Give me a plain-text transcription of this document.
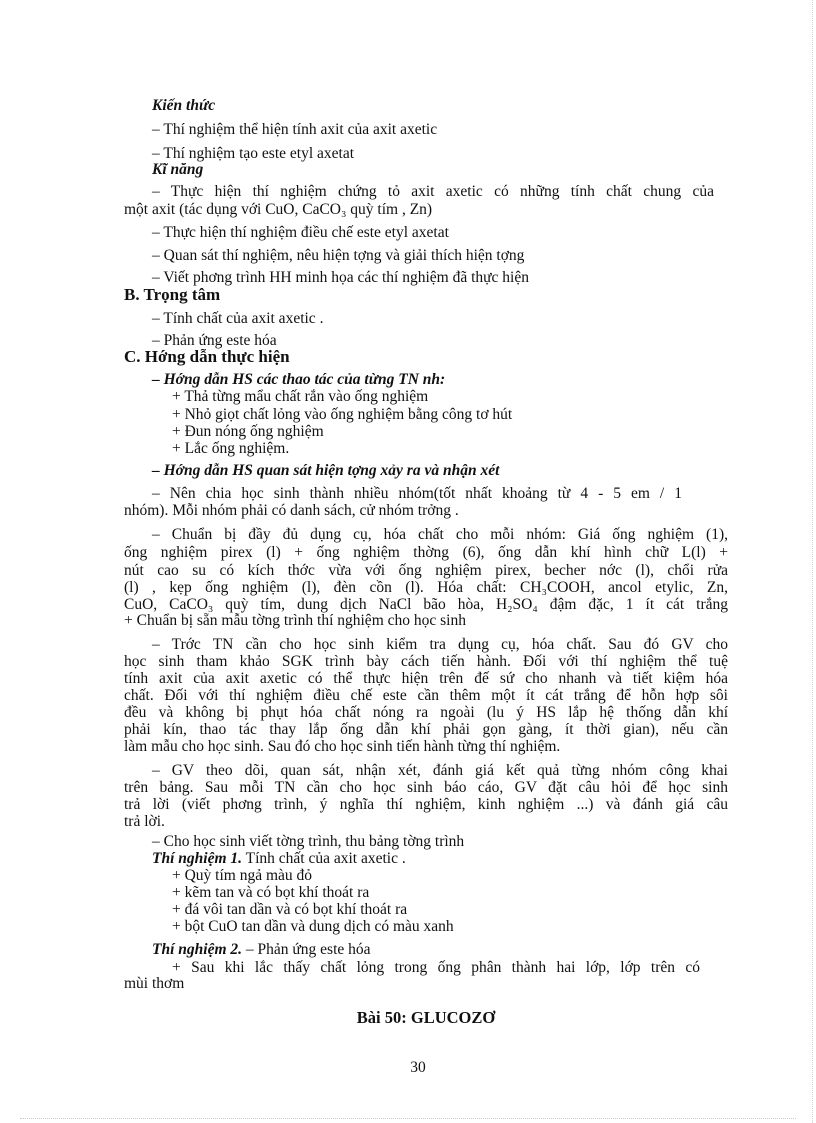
Kiến thức
– Thí nghiệm thể hiện tính axit của axit axetic
– Thí nghiệm tạo este etyl axetat
Kĩ năng
– Thực hiện thí nghiệm chứng tỏ axit axetic có những tính chất chung của
một axit (tác dụng với CuO, CaCO₃ quỳ tím , Zn)
– Thực hiện thí nghiệm điều chế este etyl axetat
– Quan sát thí nghiệm, nêu hiện tợng và giải thích hiện tợng
– Viết phơng trình HH minh họa các thí nghiệm đã thực hiện
B. Trọng tâm
– Tính chất của axit axetic .
– Phản ứng este hóa
C. Hớng dẫn thực hiện
– Hớng dẫn HS các thao tác của từng TN nh:
+ Thả từng mẩu chất rắn vào ống nghiệm
+ Nhỏ giọt chất lỏng vào ống nghiệm bằng công tơ hút
+ Đun nóng ống nghiệm
+ Lắc ống nghiệm.
– Hớng dẫn HS quan sát hiện tợng xảy ra và nhận xét
– Nên chia học sinh thành nhiều nhóm(tốt nhất khoảng từ 4 - 5 em / 1
nhóm). Mỗi nhóm phải có danh sách, cử nhóm trởng .
– Chuẩn bị đầy đủ dụng cụ, hóa chất cho mỗi nhóm: Giá ống nghiệm (1),
ống nghiệm pirex (l) + ống nghiệm thờng (6), ống dẫn khí hình chữ L(l) +
nút cao su có kích thớc vừa với ống nghiệm pirex, becher nớc (l), chổi rửa
(l) , kẹp ống nghiệm (l), đèn cồn (l). Hóa chất: CH₃COOH, ancol etylic, Zn,
CuO, CaCO₃ quỳ tím, dung dịch NaCl bão hòa, H₂SO₄ đậm đặc, 1 ít cát trắng
+ Chuẩn bị sẵn mẫu tờng trình thí nghiệm cho học sinh
– Trớc TN cần cho học sinh kiểm tra dụng cụ, hóa chất. Sau đó GV cho
học sinh tham khảo SGK trình bày cách tiến hành. Đối với thí nghiệm thể tuệ
tính axit của axit axetic có thể thực hiện trên đế sứ cho nhanh và tiết kiệm hóa
chất. Đối với thí nghiệm điều chế este cần thêm một ít cát trắng để hỗn hợp sôi
đều và không bị phụt hóa chất nóng ra ngoài (lu ý HS lắp hệ thống dẫn khí
phải kín, thao tác thay lắp ống dẫn khí phải gọn gàng, ít thời gian), nếu cần
làm mẫu cho học sinh. Sau đó cho học sinh tiến hành từng thí nghiệm.
– GV theo dõi, quan sát, nhận xét, đánh giá kết quả từng nhóm công khai
trên bảng. Sau mỗi TN cần cho học sinh báo cáo, GV đặt câu hỏi để học sinh
trả lời (viết phơng trình, ý nghĩa thí nghiệm, kinh nghiệm ...) và đánh giá câu
trả lời.
– Cho học sinh viết tờng trình, thu bảng tờng trình
Thí nghiệm 1. Tính chất của axit axetic .
+ Quỳ tím ngả màu đỏ
+ kẽm tan và có bọt khí thoát ra
+ đá vôi tan dần và có bọt khí thoát ra
+ bột CuO tan dần và dung dịch có màu xanh
Thí nghiệm 2. – Phản ứng este hóa
+ Sau khi lắc thấy chất lỏng trong ống phân thành hai lớp, lớp trên có
mùi thơm
Bài 50: GLUCOZƠ
30
